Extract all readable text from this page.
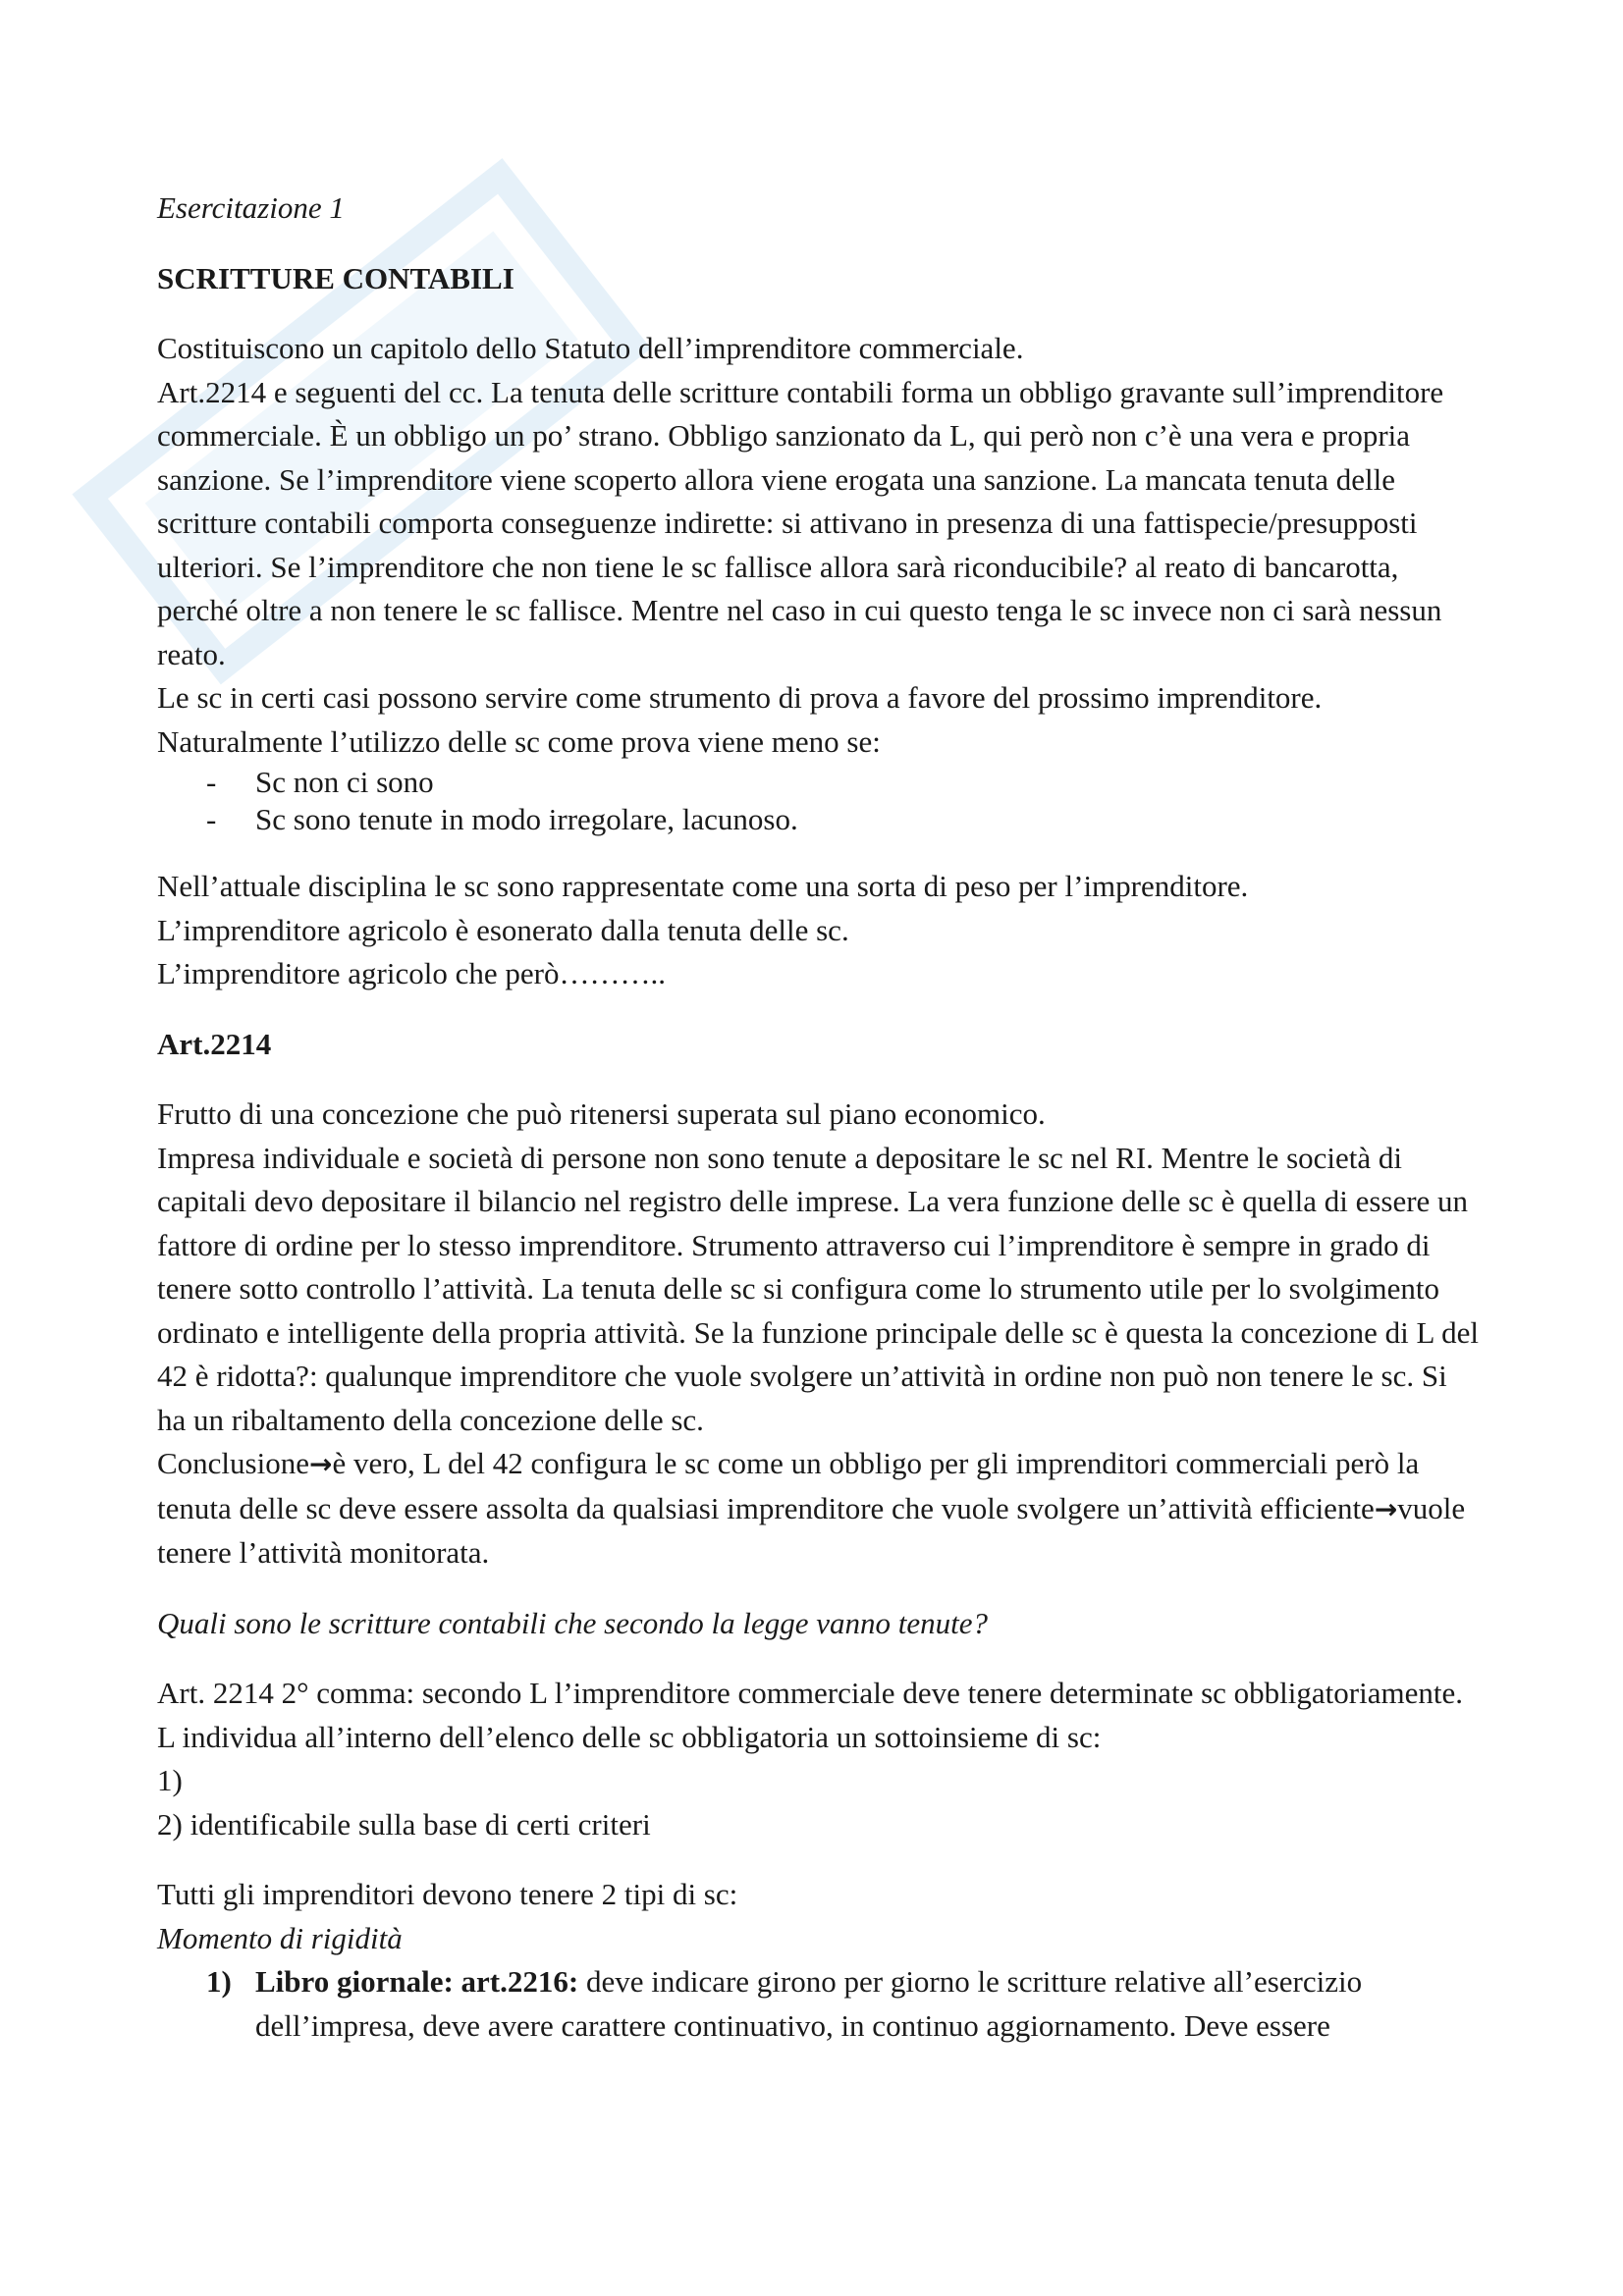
Esercitazione 1

SCRITTURE CONTABILI

Costituiscono un capitolo dello Statuto dell’imprenditore commerciale.

Art.2214 e seguenti del cc. La tenuta delle scritture contabili forma un obbligo gravante sull’imprenditore commerciale. È un obbligo un po’ strano. Obbligo sanzionato da L, qui però non c’è una vera e propria sanzione. Se l’imprenditore viene scoperto allora viene erogata una sanzione. La mancata tenuta delle scritture contabili comporta conseguenze indirette: si attivano in presenza di una fattispecie/presupposti ulteriori. Se l’imprenditore che non tiene le sc fallisce allora sarà riconducibile? al reato di bancarotta, perché oltre a non tenere le sc fallisce. Mentre nel caso in cui questo tenga le sc invece non ci sarà nessun reato.

Le sc in certi casi possono servire come strumento di prova a favore del prossimo imprenditore.

Naturalmente l’utilizzo delle sc come prova viene meno se:

- Sc non ci sono
- Sc sono tenute in modo irregolare, lacunoso.

Nell’attuale disciplina le sc sono rappresentate come una sorta di peso per l’imprenditore.

L’imprenditore agricolo è esonerato dalla tenuta delle sc.

L’imprenditore agricolo che però………..

Art.2214

Frutto di una concezione che può ritenersi superata sul piano economico.

Impresa individuale e società di persone non sono tenute a depositare le sc nel RI. Mentre le società di capitali devo depositare il bilancio nel registro delle imprese. La vera funzione delle sc è quella di essere un fattore di ordine per lo stesso imprenditore. Strumento attraverso cui l’imprenditore è sempre in grado di tenere sotto controllo l’attività. La tenuta delle sc si configura come lo strumento utile per lo svolgimento ordinato e intelligente della propria attività. Se la funzione principale delle sc è questa la concezione di L del 42 è ridotta?: qualunque imprenditore che vuole svolgere un’attività in ordine non può non tenere le sc. Si ha un ribaltamento della concezione delle sc.

Conclusione→è vero, L del 42 configura le sc come un obbligo per gli imprenditori commerciali però la tenuta delle sc deve essere assolta da qualsiasi imprenditore che vuole svolgere un’attività efficiente→vuole tenere l’attività monitorata.

Quali sono le scritture contabili che secondo la legge vanno tenute?

Art. 2214 2° comma: secondo L l’imprenditore commerciale deve tenere determinate sc obbligatoriamente. L individua all’interno dell’elenco delle sc obbligatoria un sottoinsieme di sc:

1)

2) identificabile sulla base di certi criteri

Tutti gli imprenditori devono tenere 2 tipi di sc:

Momento di rigidità

1) Libro giornale: art.2216: deve indicare girono per giorno le scritture relative all’esercizio dell’impresa, deve avere carattere continuativo, in continuo aggiornamento. Deve essere
